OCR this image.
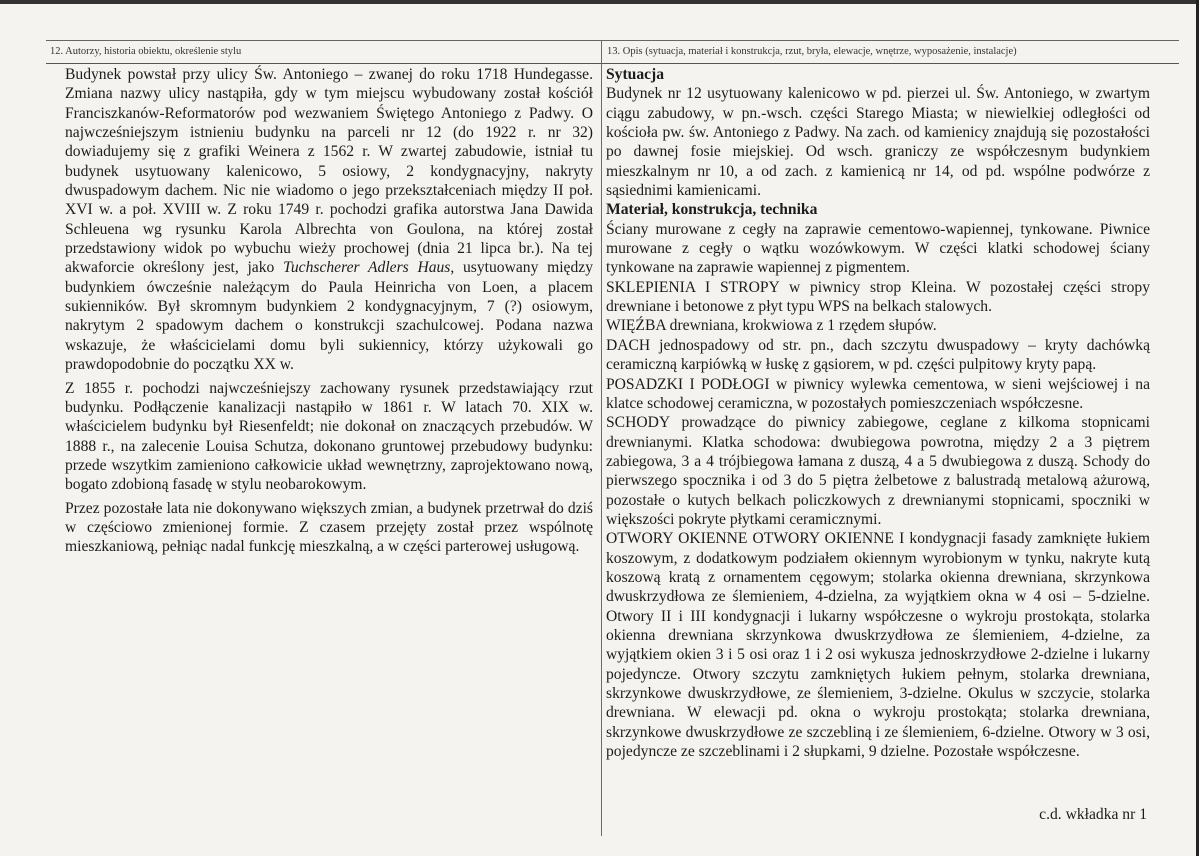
12. Autorzy, historia obiektu, określenie stylu	13. Opis (sytuacja, materiał i konstrukcja, rzut, bryła, elewacje, wnętrze, wyposażenie, instalacje)

Budynek powstał przy ulicy Św. Antoniego – zwanej do roku 1718 Hundegasse. Zmiana nazwy ulicy nastąpiła, gdy w tym miejscu wybudowany został kościół Franciszkanów-Reformatorów pod wezwaniem Świętego Antoniego z Padwy. O najwcześniejszym istnieniu budynku na parceli nr 12 (do 1922 r. nr 32) dowiadujemy się z grafiki Weinera z 1562 r. W zwartej zabudowie, istniał tu budynek usytuowany kalenicowo, 5 osiowy, 2 kondygnacyjny, nakryty dwuspadowym dachem. Nic nie wiadomo o jego przekształceniach między II poł. XVI w. a poł. XVIII w. Z roku 1749 r. pochodzi grafika autorstwa Jana Dawida Schleuena wg rysunku Karola Albrechta von Goulona, na której został przedstawiony widok po wybuchu wieży prochowej (dnia 21 lipca br.). Na tej akwaforcie określony jest, jako Tuchscherer Adlers Haus, usytuowany między budynkiem ówcześnie należącym do Paula Heinricha von Loen, a placem sukienników. Był skromnym budynkiem 2 kondygnacyjnym, 7 (?) osiowym, nakrytym 2 spadowym dachem o konstrukcji szachulcowej. Podana nazwa wskazuje, że właścicielami domu byli sukiennicy, którzy użykowali go prawdopodobnie do początku XX w.

Z 1855 r. pochodzi najwcześniejszy zachowany rysunek przedstawiający rzut budynku. Podłączenie kanalizacji nastąpiło w 1861 r. W latach 70. XIX w. właścicielem budynku był Riesenfeldt; nie dokonał on znaczących przebudów. W 1888 r., na zalecenie Louisa Schutza, dokonano gruntowej przebudowy budynku: przede wszytkim zamieniono całkowicie układ wewnętrzny, zaprojektowano nową, bogato zdobioną fasadę w stylu neobarokowym.

Przez pozostałe lata nie dokonywano większych zmian, a budynek przetrwał do dziś w częściowo zmienionej formie. Z czasem przejęty został przez wspólnotę mieszkaniową, pełniąc nadal funkcję mieszkalną, a w części parterowej usługową.

Sytuacja

Budynek nr 12 usytuowany kalenicowo w pd. pierzei ul. Św. Antoniego, w zwartym ciągu zabudowy, w pn.-wsch. części Starego Miasta; w niewielkiej odległości od kościoła pw. św. Antoniego z Padwy. Na zach. od kamienicy znajdują się pozostałości po dawnej fosie miejskiej. Od wsch. graniczy ze współczesnym budynkiem mieszkalnym nr 10, a od zach. z kamienicą nr 14, od pd. wspólne podwórze z sąsiednimi kamienicami.

Materiał, konstrukcja, technika

Ściany murowane z cegły na zaprawie cementowo-wapiennej, tynkowane. Piwnice murowane z cegły o wątku wozówkowym. W części klatki schodowej ściany tynkowane na zaprawie wapiennej z pigmentem.

SKLEPIENIA I STROPY w piwnicy strop Kleina. W pozostałej części stropy drewniane i betonowe z płyt typu WPS na belkach stalowych.

WIĘŹBA drewniana, krokwiowa z 1 rzędem słupów.

DACH jednospadowy od str. pn., dach szczytu dwuspadowy – kryty dachówką ceramiczną karpiówką w łuskę z gąsiorem, w pd. części pulpitowy kryty papą.

POSADZKI I PODŁOGI w piwnicy wylewka cementowa, w sieni wejściowej i na klatce schodowej ceramiczna, w pozostałych pomieszczeniach współczesne.

SCHODY prowadzące do piwnicy zabiegowe, ceglane z kilkoma stopnicami drewnianymi. Klatka schodowa: dwubiegowa powrotna, między 2 a 3 piętrem zabiegowa, 3 a 4 trójbiegowa łamana z duszą, 4 a 5 dwubiegowa z duszą. Schody do pierwszego spocznika i od 3 do 5 piętra żelbetowe z balustradą metalową ażurową, pozostałe o kutych belkach policzkowych z drewnianymi stopnicami, spoczniki w większości pokryte płytkami ceramicznymi.

OTWORY OKIENNE OTWORY OKIENNE I kondygnacji fasady zamknięte łukiem koszowym, z dodatkowym podziałem okiennym wyrobionym w tynku, nakryte kutą koszową kratą z ornamentem cęgowym; stolarka okienna drewniana, skrzynkowa dwuskrzydłowa ze ślemieniem, 4-dzielna, za wyjątkiem okna w 4 osi – 5-dzielne. Otwory II i III kondygnacji i lukarny współczesne o wykroju prostokąta, stolarka okienna drewniana skrzynkowa dwuskrzydłowa ze ślemieniem, 4-dzielne, za wyjątkiem okien 3 i 5 osi oraz 1 i 2 osi wykusza jednoskrzydłowe 2-dzielne i lukarny pojedyncze. Otwory szczytu zamkniętych łukiem pełnym, stolarka drewniana, skrzynkowe dwuskrzydłowe, ze ślemieniem, 3-dzielne. Okulus w szczycie, stolarka drewniana. W elewacji pd. okna o wykroju prostokąta; stolarka drewniana, skrzynkowe dwuskrzydłowe ze szczebliną i ze ślemieniem, 6-dzielne. Otwory w 3 osi, pojedyncze ze szczeblinami i 2 słupkami, 9 dzielne. Pozostałe współczesne.

c.d. wkładka nr 1
